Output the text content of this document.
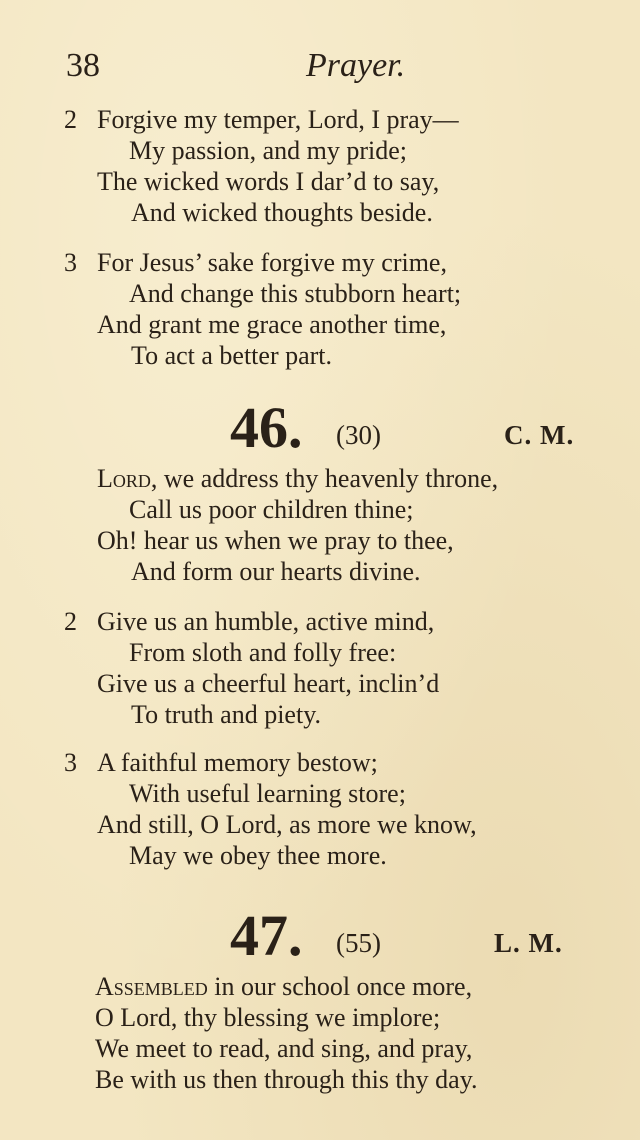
38	Prayer.
2 Forgive my temper, Lord, I pray—
My passion, and my pride;
The wicked words I dar’d to say,
And wicked thoughts beside.
3 For Jesus’ sake forgive my crime,
And change this stubborn heart;
And grant me grace another time,
To act a better part.
46. (30)	C. M.
Lord, we address thy heavenly throne,
Call us poor children thine;
Oh! hear us when we pray to thee,
And form our hearts divine.
2 Give us an humble, active mind,
From sloth and folly free:
Give us a cheerful heart, inclin’d
To truth and piety.
3 A faithful memory bestow;
With useful learning store;
And still, O Lord, as more we know,
May we obey thee more.
47. (55)	L. M.
Assembled in our school once more,
O Lord, thy blessing we implore;
We meet to read, and sing, and pray,
Be with us then through this thy day.
